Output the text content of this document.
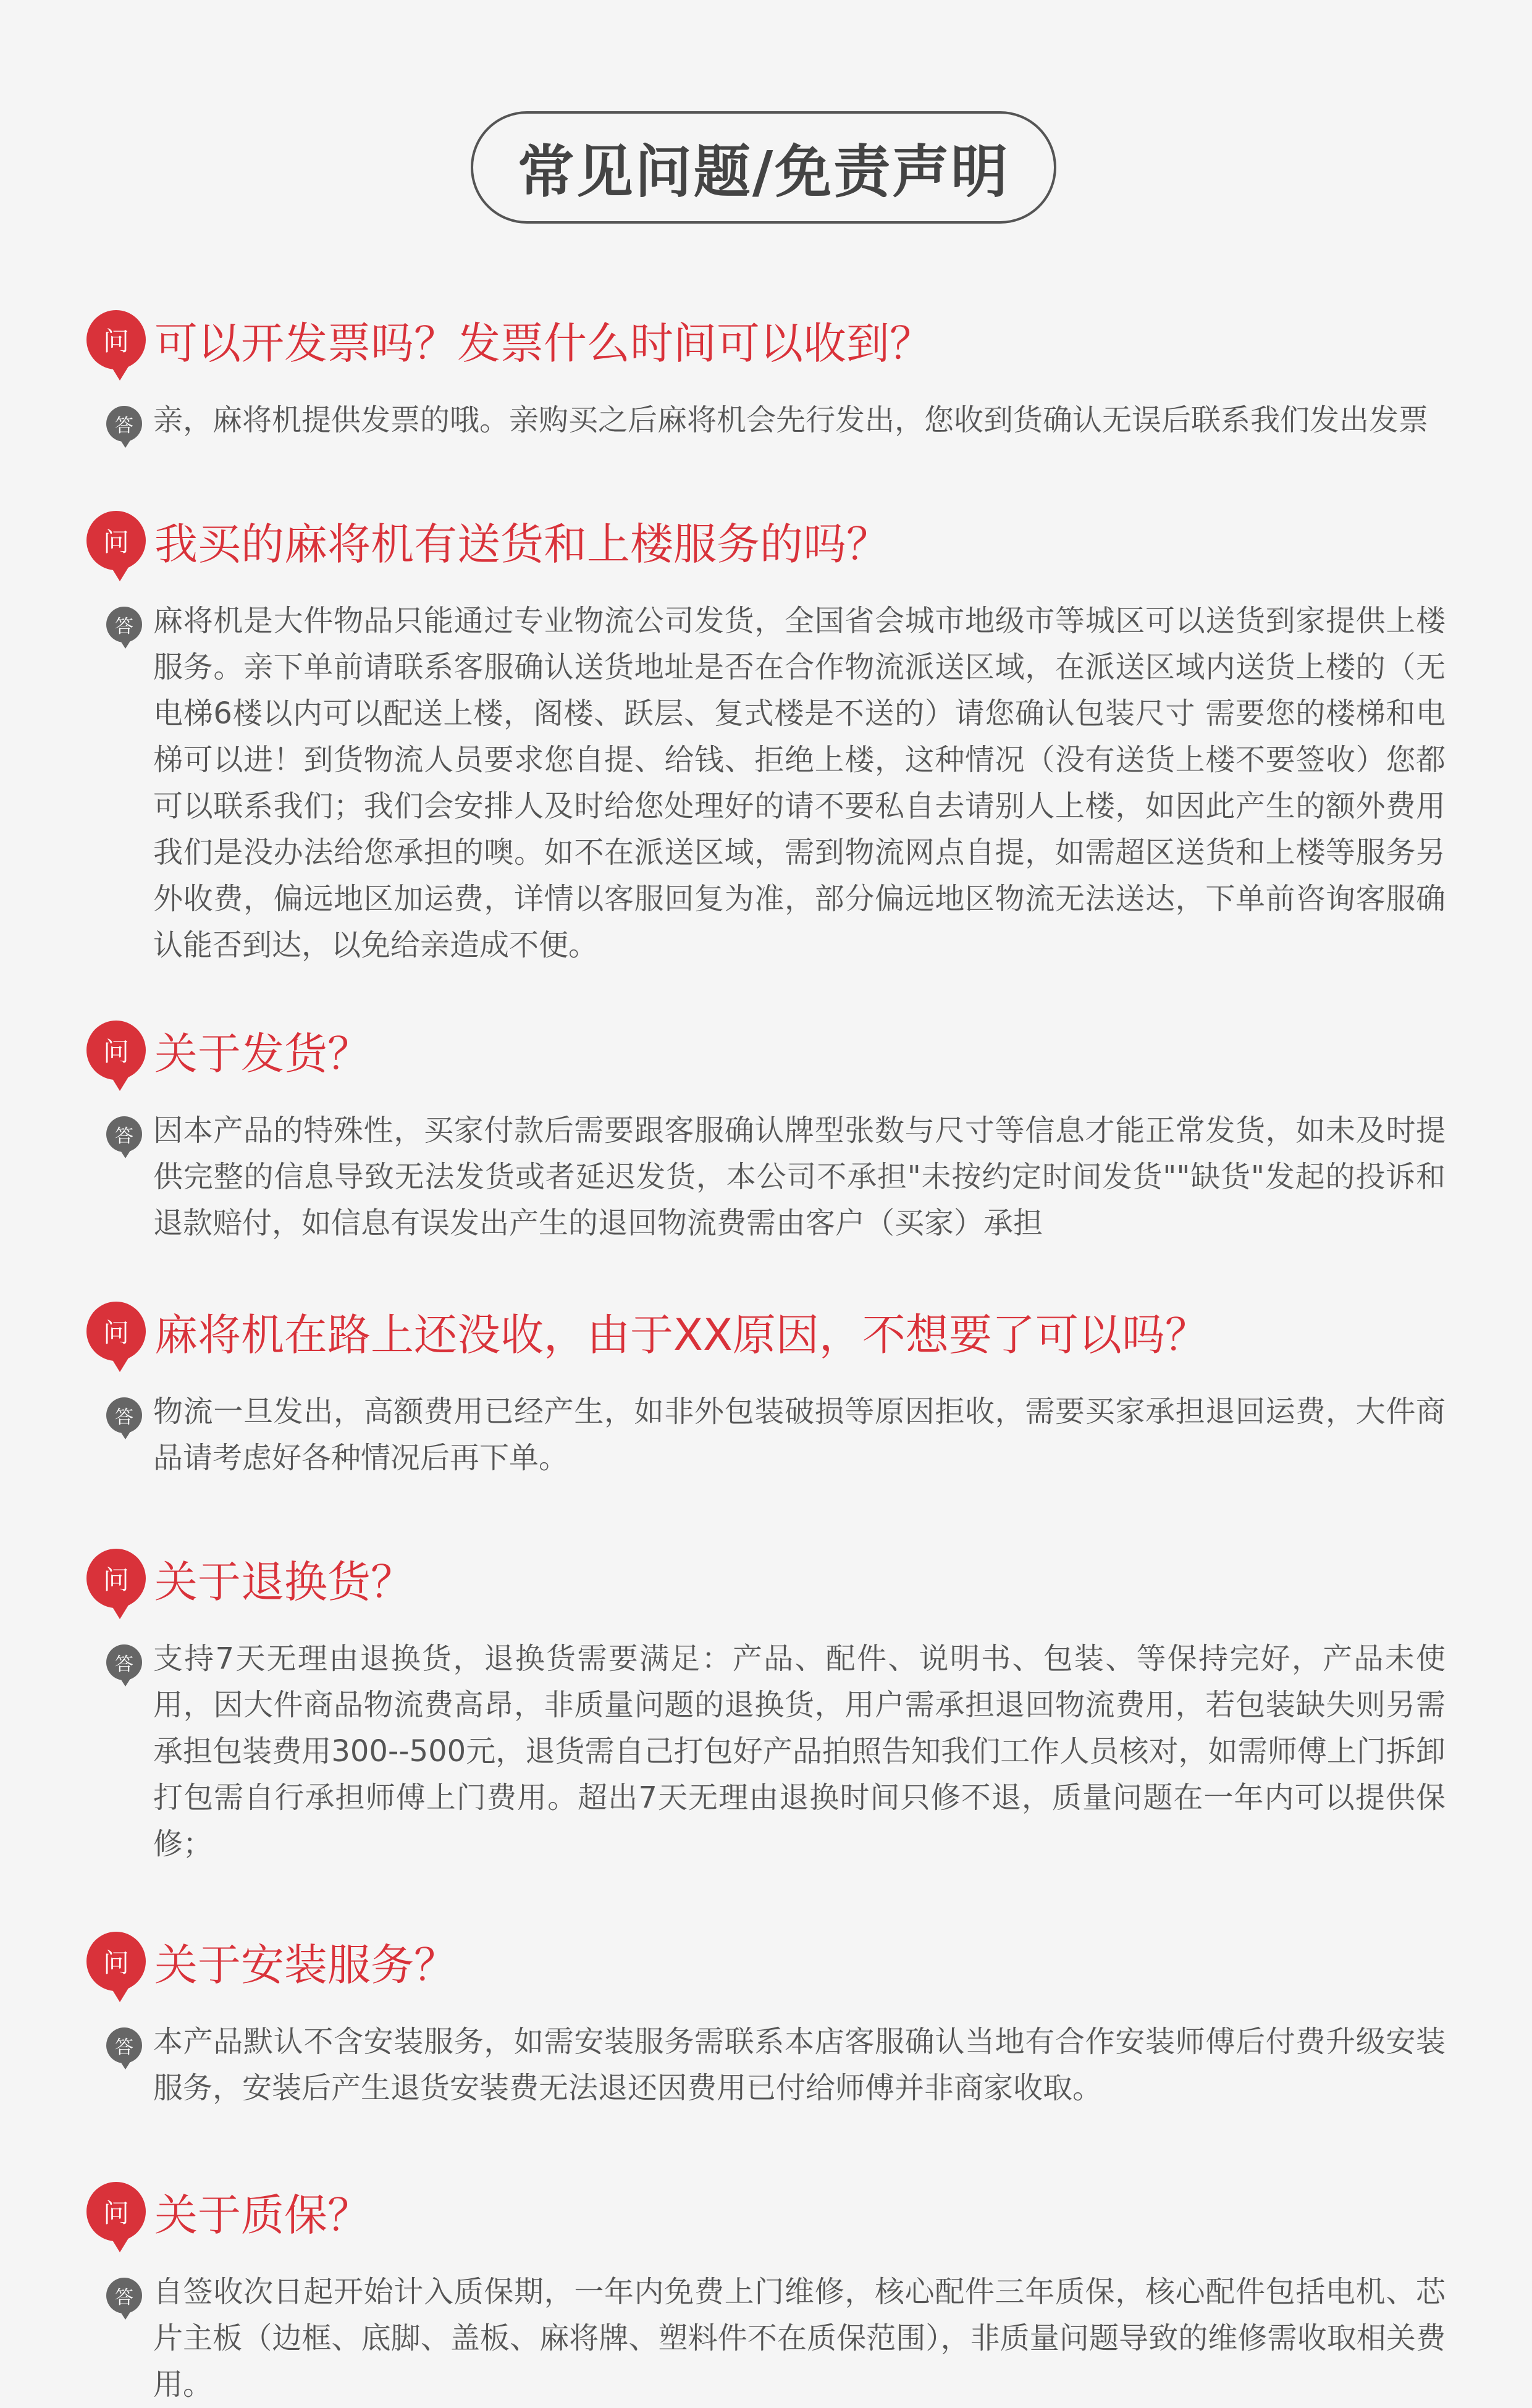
常见问题/免责声明
问 可以开发票吗？发票什么时间可以收到？
答 亲，麻将机提供发票的哦。亲购买之后麻将机会先行发出，您收到货确认无误后联系我们发出发票
问 我买的麻将机有送货和上楼服务的吗？
答 麻将机是大件物品只能通过专业物流公司发货，全国省会城市地级市等城区可以送货到家提供上楼服务。亲下单前请联系客服确认送货地址是否在合作物流派送区域，在派送区域内送货上楼的（无电梯6楼以内可以配送上楼，阁楼、跃层、复式楼是不送的）请您确认包装尺寸 需要您的楼梯和电梯可以进！到货物流人员要求您自提、给钱、拒绝上楼，这种情况（没有送货上楼不要签收）您都可以联系我们；我们会安排人及时给您处理好的请不要私自去请别人上楼，如因此产生的额外费用我们是没办法给您承担的噢。如不在派送区域，需到物流网点自提，如需超区送货和上楼等服务另外收费，偏远地区加运费，详情以客服回复为准，部分偏远地区物流无法送达，下单前咨询客服确认能否到达，以免给亲造成不便。
问 关于发货？
答 因本产品的特殊性，买家付款后需要跟客服确认牌型张数与尺寸等信息才能正常发货，如未及时提供完整的信息导致无法发货或者延迟发货，本公司不承担"未按约定时间发货""缺货"发起的投诉和退款赔付，如信息有误发出产生的退回物流费需由客户（买家）承担
问 麻将机在路上还没收，由于XX原因，不想要了可以吗？
答 物流一旦发出，高额费用已经产生，如非外包装破损等原因拒收，需要买家承担退回运费，大件商品请考虑好各种情况后再下单。
问 关于退换货？
答 支持7天无理由退换货，退换货需要满足：产品、配件、说明书、包装、等保持完好，产品未使用，因大件商品物流费高昂，非质量问题的退换货，用户需承担退回物流费用，若包装缺失则另需承担包装费用300--500元，退货需自己打包好产品拍照告知我们工作人员核对，如需师傅上门拆卸打包需自行承担师傅上门费用。超出7天无理由退换时间只修不退，质量问题在一年内可以提供保修；
问 关于安装服务？
答 本产品默认不含安装服务，如需安装服务需联系本店客服确认当地有合作安装师傅后付费升级安装服务，安装后产生退货安装费无法退还因费用已付给师傅并非商家收取。
问 关于质保？
答 自签收次日起开始计入质保期，一年内免费上门维修，核心配件三年质保，核心配件包括电机、芯片主板（边框、底脚、盖板、麻将牌、塑料件不在质保范围），非质量问题导致的维修需收取相关费用。
